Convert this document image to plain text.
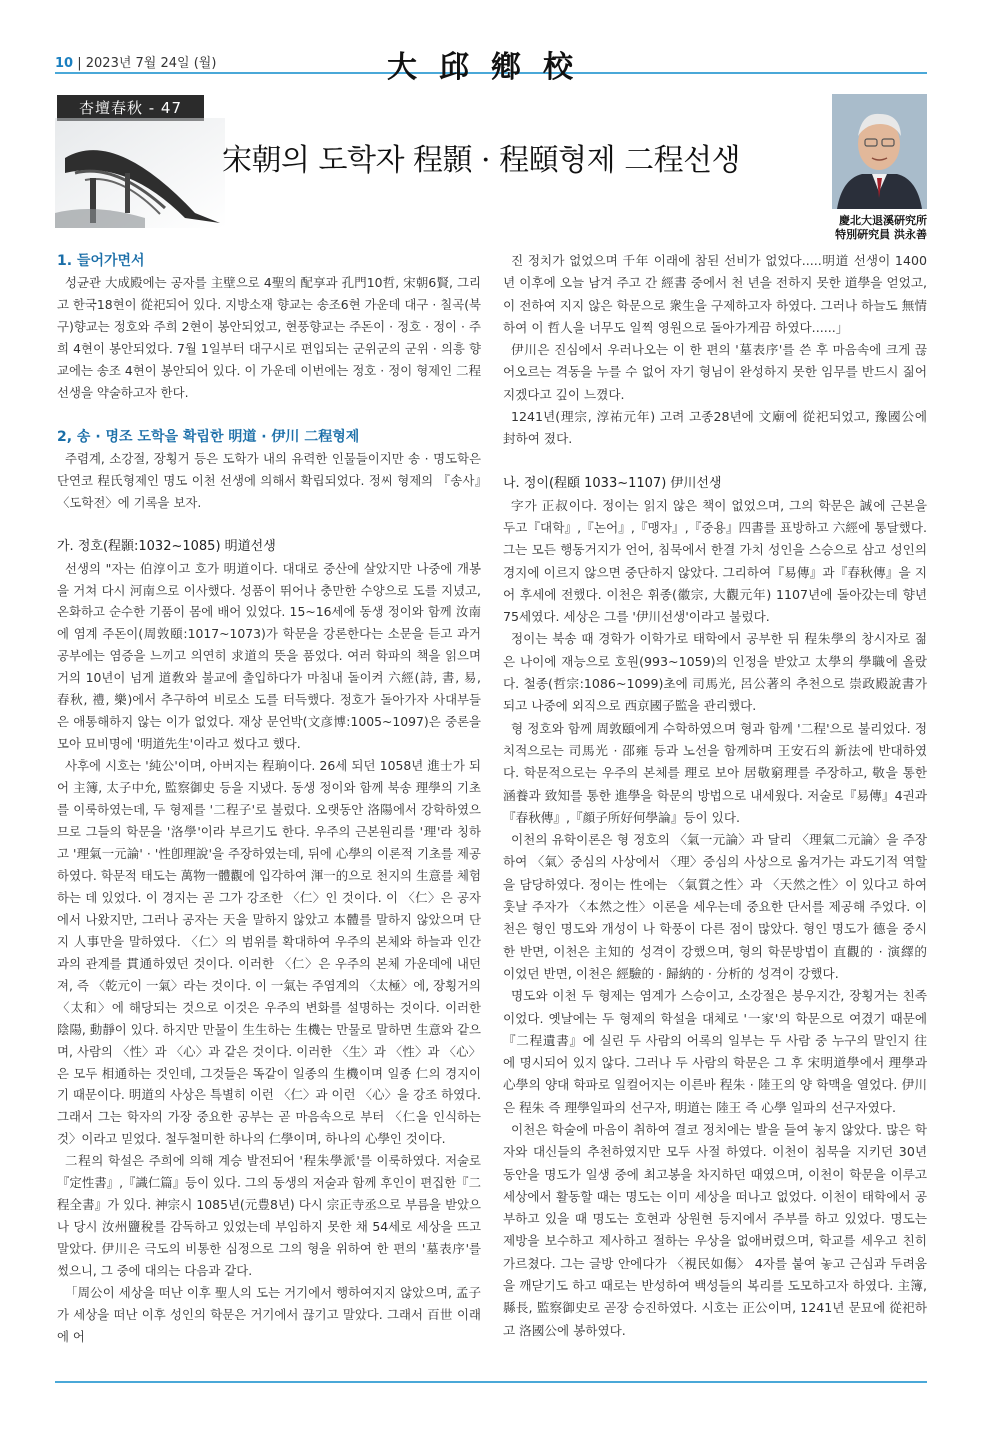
10 | 2023년 7월 24일 (월)	大邱鄕校
杏壇春秋 - 47
宋朝의 도학자 程顥 · 程頤형제 二程선생
慶北大退溪硏究所
特別硏究員 洪永善
1. 들어가면서

성균관 大成殿에는 공자를 主壁으로 4聖의 配享과 孔門10哲, 宋朝6賢, 그리고 한국18현이 從祀되어 있다. 지방소재 향교는 송조6현 가운데 대구 · 칠곡(북구)향교는 정호와 주희 2현이 봉안되었고, 현풍향교는 주돈이 · 정호 · 정이 · 주희 4현이 봉안되었다. 7월 1일부터 대구시로 편입되는 군위군의 군위 · 의흥 향교에는 송조 4현이 봉안되어 있다. 이 가운데 이번에는 정호 · 정이 형제인 二程선생을 약술하고자 한다.

2, 송 · 명조 도학을 확립한 明道 · 伊川 二程형제

주렴계, 소강절, 장횡거 등은 도학가 내의 유력한 인물들이지만 송 · 명도학은 단연코 程氏형제인 명도 이천 선생에 의해서 확립되었다. 정씨 형제의 『송사』〈도학전〉에 기록을 보자.

가. 정호(程顥:1032~1085) 明道선생

선생의 "자는 伯淳이고 호가 明道이다. 대대로 중산에 살았지만 나중에 개봉을 거쳐 다시 河南으로 이사했다. 성품이 뛰어나 충만한 수양으로 도를 지녔고, 온화하고 순수한 기품이 몸에 배어 있었다. 15~16세에 동생 정이와 함께 汝南에 염계 주돈이(周敦頤:1017~1073)가 학문을 강론한다는 소문을 듣고 과거 공부에는 염증을 느끼고 의연히 求道의 뜻을 품었다. 여러 학파의 책을 읽으며 거의 10년이 넘게 道敎와 불교에 출입하다가 마침내 돌이켜 六經(詩, 書, 易, 春秋, 禮, 樂)에서 추구하여 비로소 도를 터득했다. 정호가 돌아가자 사대부들은 애통해하지 않는 이가 없었다. 재상 문언박(文彦博:1005~1097)은 중론을 모아 묘비명에 '明道先生'이라고 썼다고 했다.

사후에 시호는 '純公'이며, 아버지는 程珦이다. 26세 되던 1058년 進士가 되어 主簿, 太子中允, 監察御史 등을 지냈다. 동생 정이와 함께 북송 理學의 기초를 이룩하였는데, 두 형제를 '二程子'로 불렀다. 오랫동안 洛陽에서 강학하였으므로 그들의 학문을 '洛學'이라 부르기도 한다. 우주의 근본원리를 '理'라 칭하고 '理氣一元論' · '性卽理說'을 주장하였는데, 뒤에 心學의 이론적 기초를 제공하였다. 학문적 태도는 萬物一體觀에 입각하여 渾一的으로 천지의 生意를 체험하는 데 있었다. 이 경지는 곧 그가 강조한 〈仁〉인 것이다. 이 〈仁〉은 공자에서 나왔지만, 그러나 공자는 天을 말하지 않았고 本體를 말하지 않았으며 단지 人事만을 말하였다. 〈仁〉의 범위를 확대하여 우주의 본체와 하늘과 인간과의 관계를 貫通하였던 것이다. 이러한 〈仁〉은 우주의 본체 가운데에 내던져, 즉 〈乾元이 一氣〉라는 것이다. 이 一氣는 주염계의 〈太極〉에, 장횡거의 〈太和〉에 해당되는 것으로 이것은 우주의 변화를 설명하는 것이다. 이러한 陰陽, 動靜이 있다. 하지만 만물이 生生하는 生機는 만물로 말하면 生意와 같으며, 사람의 〈性〉과 〈心〉과 같은 것이다. 이러한 〈生〉과 〈性〉과 〈心〉은 모두 相通하는 것인데, 그것들은 똑같이 일종의 生機이며 일종 仁의 경지이기 때문이다. 明道의 사상은 특별히 이런 〈仁〉과 이런 〈心〉을 강조 하였다. 그래서 그는 학자의 가장 중요한 공부는 곧 마음속으로 부터 〈仁을 인식하는 것〉이라고 믿었다. 철두철미한 하나의 仁學이며, 하나의 心學인 것이다.

二程의 학설은 주희에 의해 계승 발전되어 '程朱學派'를 이룩하였다. 저술로『定性書』,『識仁篇』등이 있다. 그의 동생의 저술과 함께 후인이 편집한『二程全書』가 있다. 神宗시 1085년(元豊8년) 다시 宗正寺丞으로 부름을 받았으나 당시 汝州鹽稅를 감독하고 있었는데 부임하지 못한 채 54세로 세상을 뜨고 말았다. 伊川은 극도의 비통한 심정으로 그의 형을 위하여 한 편의 '墓表序'를 썼으니, 그 중에 대의는 다음과 같다.

「周公이 세상을 떠난 이후 聖人의 도는 거기에서 행하여지지 않았으며, 孟子가 세상을 떠난 이후 성인의 학문은 거기에서 끊기고 말았다. 그래서 百世 이래에 어

진 정치가 없었으며 千年 이래에 참된 선비가 없었다.....明道 선생이 1400년 이후에 오늘 남겨 주고 간 經書 중에서 천 년을 전하지 못한 道學을 얻었고, 이 전하여 지지 않은 학문으로 衆生을 구제하고자 하였다. 그러나 하늘도 無情하여 이 哲人을 너무도 일찍 영원으로 돌아가게끔 하였다......」

伊川은 진심에서 우러나오는 이 한 편의 '墓表序'를 쓴 후 마음속에 크게 끊어오르는 격동을 누를 수 없어 자기 형님이 완성하지 못한 임무를 반드시 짊어지겠다고 깊이 느꼈다.

1241년(理宗, 淳祐元年) 고려 고종28년에 文廟에 從祀되었고, 豫國公에 封하여 졌다.

나. 정이(程頤 1033~1107) 伊川선생

字가 正叔이다. 정이는 읽지 않은 책이 없었으며, 그의 학문은 誠에 근본을 두고『대학』,『논어』,『맹자』,『중용』四書를 표방하고 六經에 통달했다. 그는 모든 행동거지가 언어, 침묵에서 한결 가치 성인을 스승으로 삼고 성인의 경지에 이르지 않으면 중단하지 않았다. 그리하여『易傳』과『春秋傳』을 지어 후세에 전했다. 이천은 휘종(徽宗, 大觀元年) 1107년에 돌아갔는데 향년 75세였다. 세상은 그를 '伊川선생'이라고 불렀다.

정이는 북송 때 경학가 이학가로 태학에서 공부한 뒤 程朱學의 창시자로 젊은 나이에 재능으로 호원(993~1059)의 인정을 받았고 太學의 學職에 올랐다. 철종(哲宗:1086~1099)초에 司馬光, 呂公著의 추천으로 崇政殿說書가 되고 나중에 외직으로 西京國子監을 관리했다.

형 정호와 함께 周敦頤에게 수학하였으며 형과 함께 '二程'으로 불리었다. 정치적으로는 司馬光 · 邵雍 등과 노선을 함께하며 王安石의 新法에 반대하였다. 학문적으로는 우주의 본체를 理로 보아 居敬窮理를 주장하고, 敬을 통한 涵養과 致知를 통한 進學을 학문의 방법으로 내세웠다. 저술로『易傳』4권과『春秋傳』,『顔子所好何學論』등이 있다.

이천의 유학이론은 형 정호의 〈氣一元論〉과 달리 〈理氣二元論〉을 주장하여 〈氣〉중심의 사상에서 〈理〉중심의 사상으로 옮겨가는 과도기적 역할을 담당하였다. 정이는 性에는 〈氣質之性〉과 〈天然之性〉이 있다고 하여 훗날 주자가 〈本然之性〉이론을 세우는데 중요한 단서를 제공해 주었다. 이천은 형인 명도와 개성이 나 학풍이 다른 점이 많았다. 형인 명도가 德을 중시한 반면, 이천은 主知的 성격이 강했으며, 형의 학문방법이 直觀的 · 演繹的 이었던 반면, 이천은 經驗的 · 歸納的 · 分析的 성격이 강했다.

명도와 이천 두 형제는 염계가 스승이고, 소강절은 붕우지간, 장횡거는 친족이었다. 옛날에는 두 형제의 학설을 대체로 '一家'의 학문으로 여겼기 때문에『二程遺書』에 실린 두 사람의 어록의 일부는 두 사람 중 누구의 말인지 往에 명시되어 있지 않다. 그러나 두 사람의 학문은 그 후 宋明道學에서 理學과 心學의 양대 학파로 일컬어지는 이른바 程朱 · 陸王의 양 학맥을 열었다. 伊川은 程朱 즉 理學일파의 선구자, 明道는 陸王 즉 心學 일파의 선구자였다.

이천은 학술에 마음이 취하여 결코 정치에는 발을 들여 놓지 않았다. 많은 학자와 대신들의 추천하였지만 모두 사절 하였다. 이천이 침묵을 지키던 30년 동안을 명도가 일생 중에 최고봉을 차지하던 때였으며, 이천이 학문을 이루고 세상에서 활동할 때는 명도는 이미 세상을 떠나고 없었다. 이천이 태학에서 공부하고 있을 때 명도는 호현과 상원현 등지에서 주부를 하고 있었다. 명도는 제방을 보수하고 제사하고 절하는 우상을 없애버렸으며, 학교를 세우고 친히 가르쳤다. 그는 글방 안에다가 〈視民如傷〉 4자를 붙여 놓고 근심과 두려움을 깨닫기도 하고 때로는 반성하여 백성들의 복리를 도모하고자 하였다. 主簿, 縣長, 監察御史로 곧장 승진하였다. 시호는 正公이며, 1241년 문묘에 從祀하고 洛國公에 봉하였다.
